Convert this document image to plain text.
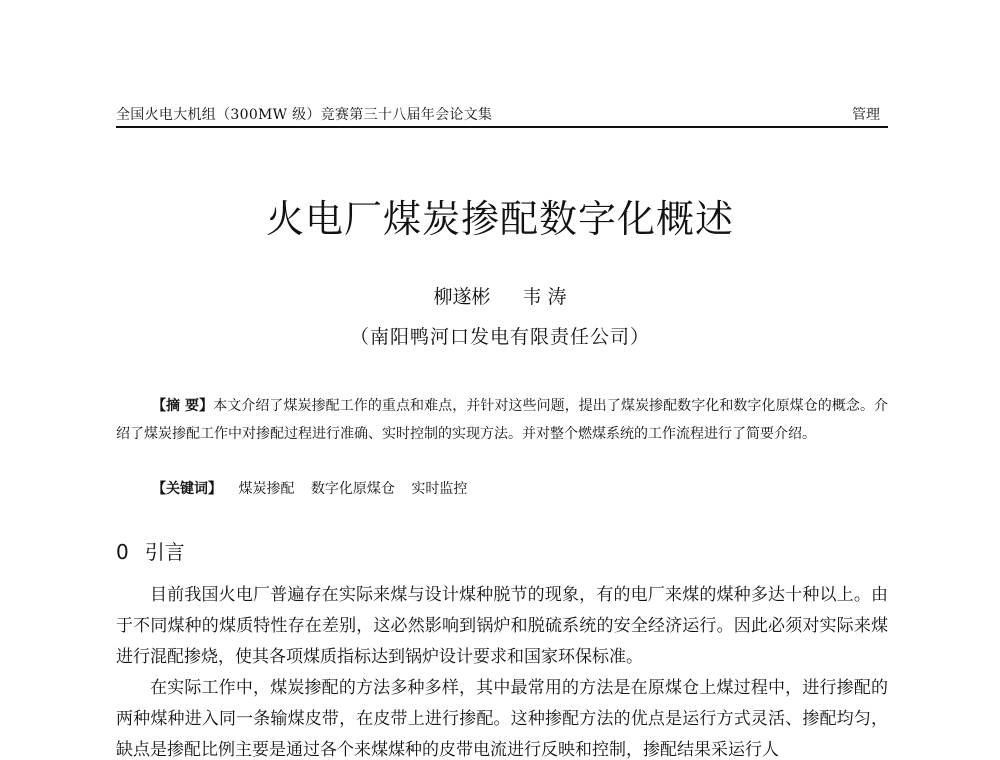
全国火电大机组（300MW 级）竞赛第三十八届年会论文集	管理
火电厂煤炭掺配数字化概述
柳遂彬 韦 涛
（南阳鸭河口发电有限责任公司）

【摘 要】本文介绍了煤炭掺配工作的重点和难点，并针对这些问题，提出了煤炭掺配数字化和数字化原煤仓的概念。介绍了煤炭掺配工作中对掺配过程进行准确、实时控制的实现方法。并对整个燃煤系统的工作流程进行了简要介绍。

【关键词】 煤炭掺配 数字化原煤仓 实时监控
0 引言

目前我国火电厂普遍存在实际来煤与设计煤种脱节的现象，有的电厂来煤的煤种多达十种以上。由于不同煤种的煤质特性存在差别，这必然影响到锅炉和脱硫系统的安全经济运行。因此必须对实际来煤进行混配掺烧，使其各项煤质指标达到锅炉设计要求和国家环保标准。

在实际工作中，煤炭掺配的方法多种多样，其中最常用的方法是在原煤仓上煤过程中，进行掺配的两种煤种进入同一条输煤皮带，在皮带上进行掺配。这种掺配方法的优点是运行方式灵活、掺配均匀，缺点是掺配比例主要是通过各个来煤煤种的皮带电流进行反映和控制，掺配结果采运行人
